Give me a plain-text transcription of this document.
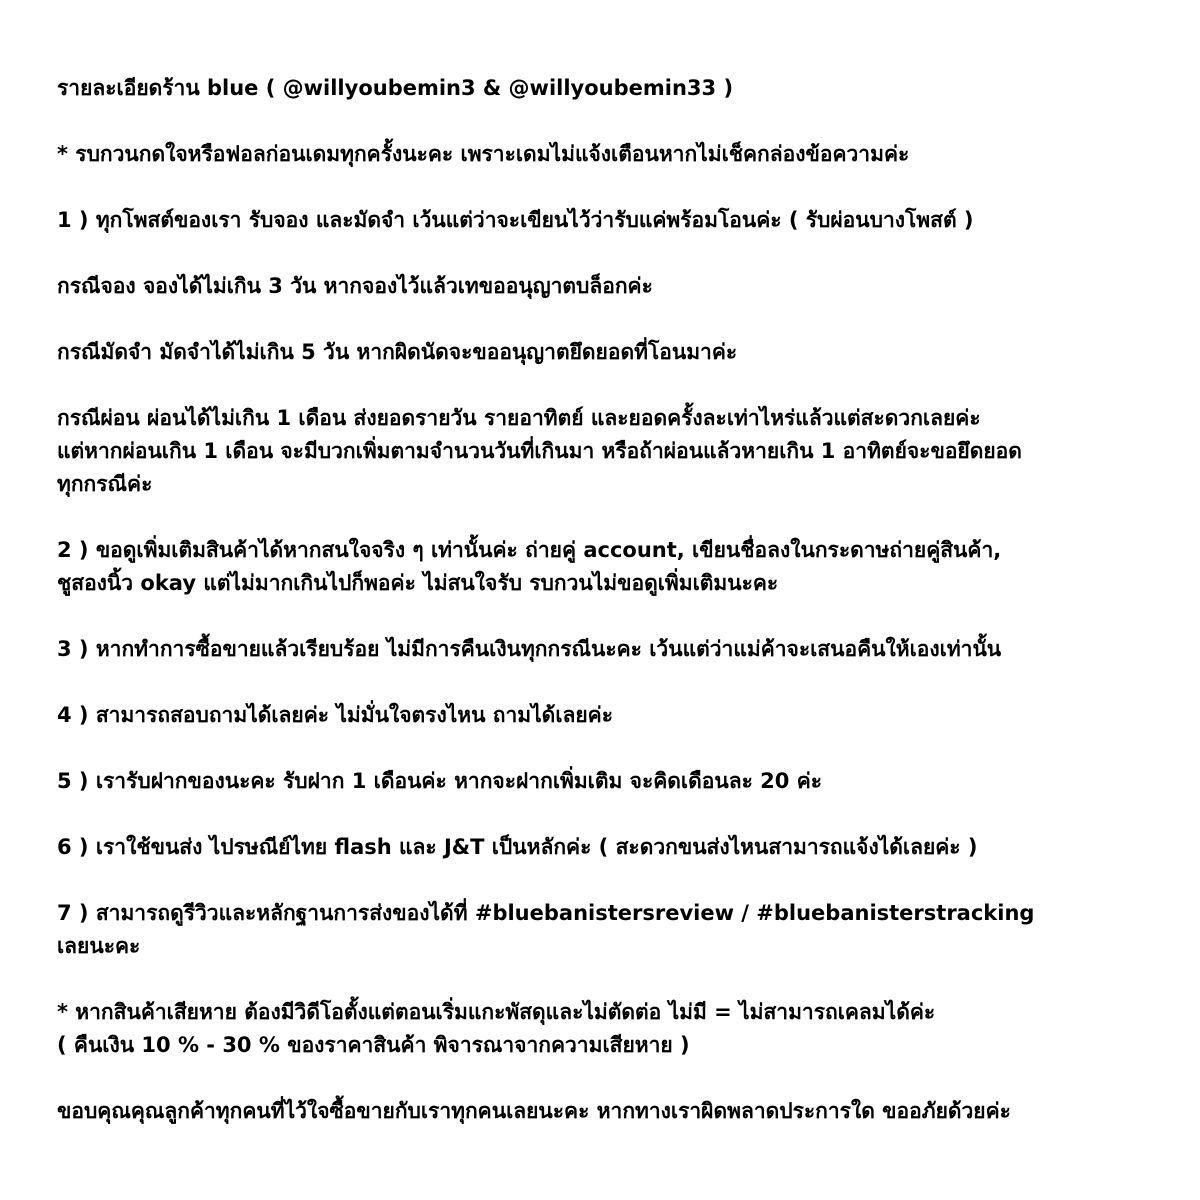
รายละเอียดร้าน blue ( @willyoubemin3 & @willyoubemin33 )

* รบกวนกดใจหรือฟอลก่อนเดมทุกครั้งนะคะ เพราะเดมไม่แจ้งเตือนหากไม่เช็คกล่องข้อความค่ะ

1 ) ทุกโพสต์ของเรา รับจอง และมัดจำ เว้นแต่ว่าจะเขียนไว้ว่ารับแค่พร้อมโอนค่ะ ( รับผ่อนบางโพสต์ )

กรณีจอง จองได้ไม่เกิน 3 วัน หากจองไว้แล้วเทขออนุญาตบล็อกค่ะ

กรณีมัดจำ มัดจำได้ไม่เกิน 5 วัน หากผิดนัดจะขออนุญาตยึดยอดที่โอนมาค่ะ

กรณีผ่อน ผ่อนได้ไม่เกิน 1 เดือน ส่งยอดรายวัน รายอาทิตย์ และยอดครั้งละเท่าไหร่แล้วแต่สะดวกเลยค่ะ
แต่หากผ่อนเกิน 1 เดือน จะมีบวกเพิ่มตามจำนวนวันที่เกินมา หรือถ้าผ่อนแล้วหายเกิน 1 อาทิตย์จะขอยึดยอด
ทุกกรณีค่ะ

2 ) ขอดูเพิ่มเติมสินค้าได้หากสนใจจริง ๆ เท่านั้นค่ะ ถ่ายคู่ account, เขียนชื่อลงในกระดาษถ่ายคู่สินค้า,
ชูสองนิ้ว okay แต่ไม่มากเกินไปก็พอค่ะ ไม่สนใจรับ รบกวนไม่ขอดูเพิ่มเติมนะคะ

3 ) หากทำการซื้อขายแล้วเรียบร้อย ไม่มีการคืนเงินทุกกรณีนะคะ เว้นแต่ว่าแม่ค้าจะเสนอคืนให้เองเท่านั้น

4 ) สามารถสอบถามได้เลยค่ะ ไม่มั่นใจตรงไหน ถามได้เลยค่ะ

5 ) เรารับฝากของนะคะ รับฝาก 1 เดือนค่ะ หากจะฝากเพิ่มเติม จะคิดเดือนละ 20 ค่ะ

6 ) เราใช้ขนส่ง ไปรษณีย์ไทย flash และ J&T เป็นหลักค่ะ ( สะดวกขนส่งไหนสามารถแจ้งได้เลยค่ะ )

7 ) สามารถดูรีวิวและหลักฐานการส่งของได้ที่ #bluebanistersreview / #bluebanisterstracking
เลยนะคะ

* หากสินค้าเสียหาย ต้องมีวิดีโอตั้งแต่ตอนเริ่มแกะพัสดุและไม่ตัดต่อ ไม่มี = ไม่สามารถเคลมได้ค่ะ
( คืนเงิน 10 % - 30 % ของราคาสินค้า พิจารณาจากความเสียหาย )

ขอบคุณคุณลูกค้าทุกคนที่ไว้ใจซื้อขายกับเราทุกคนเลยนะคะ หากทางเราผิดพลาดประการใด ขออภัยด้วยค่ะ
